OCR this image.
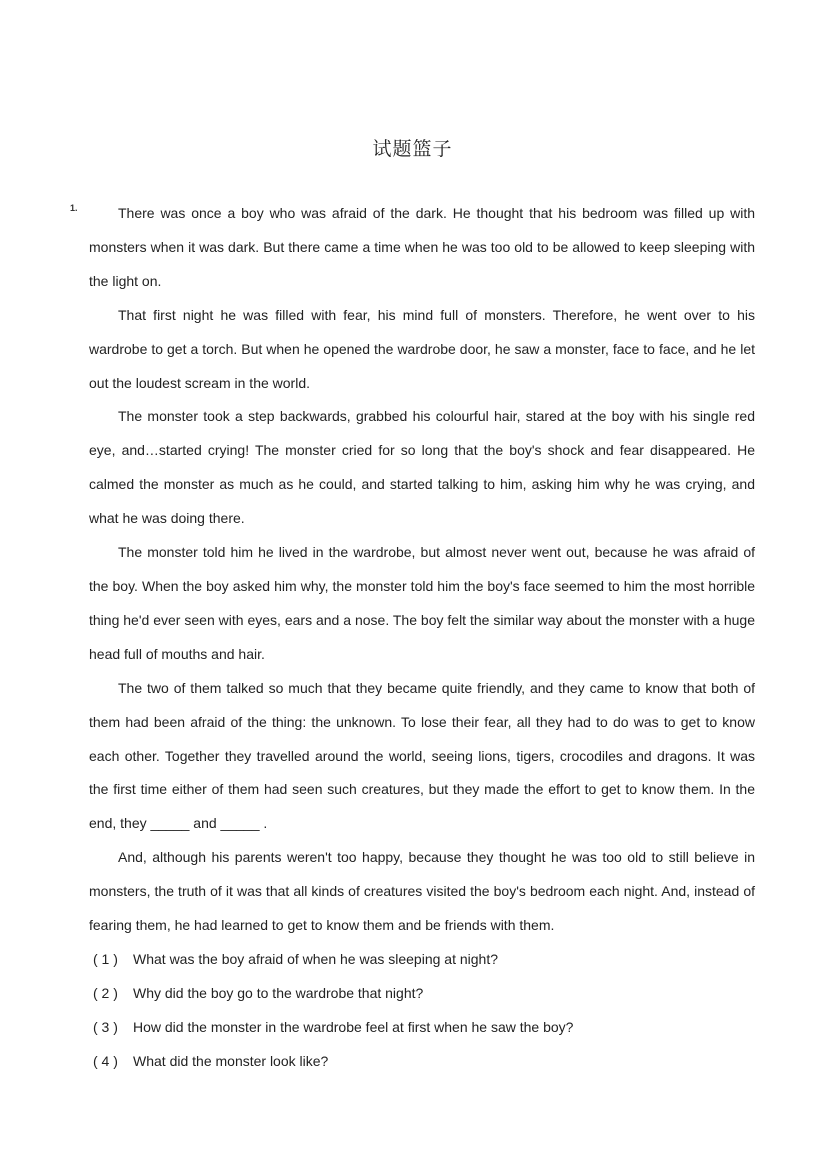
试题篮子
1.	There was once a boy who was afraid of the dark. He thought that his bedroom was filled up with monsters when it was dark. But there came a time when he was too old to be allowed to keep sleeping with the light on.

That first night he was filled with fear, his mind full of monsters. Therefore, he went over to his wardrobe to get a torch. But when he opened the wardrobe door, he saw a monster, face to face, and he let out the loudest scream in the world.

The monster took a step backwards, grabbed his colourful hair, stared at the boy with his single red eye, and…started crying! The monster cried for so long that the boy's shock and fear disappeared. He calmed the monster as much as he could, and started talking to him, asking him why he was crying, and what he was doing there.

The monster told him he lived in the wardrobe, but almost never went out, because he was afraid of the boy. When the boy asked him why, the monster told him the boy's face seemed to him the most horrible thing he'd ever seen with eyes, ears and a nose. The boy felt the similar way about the monster with a huge head full of mouths and hair.

The two of them talked so much that they became quite friendly, and they came to know that both of them had been afraid of the thing: the unknown. To lose their fear, all they had to do was to get to know each other. Together they travelled around the world, seeing lions, tigers, crocodiles and dragons. It was the first time either of them had seen such creatures, but they made the effort to get to know them. In the end, they _____ and _____ .

And, although his parents weren't too happy, because they thought he was too old to still believe in monsters, the truth of it was that all kinds of creatures visited the boy's bedroom each night. And, instead of fearing them, he had learned to get to know them and be friends with them.

( 1 ) What was the boy afraid of when he was sleeping at night?

( 2 ) Why did the boy go to the wardrobe that night?

( 3 ) How did the monster in the wardrobe feel at first when he saw the boy?

( 4 ) What did the monster look like?
